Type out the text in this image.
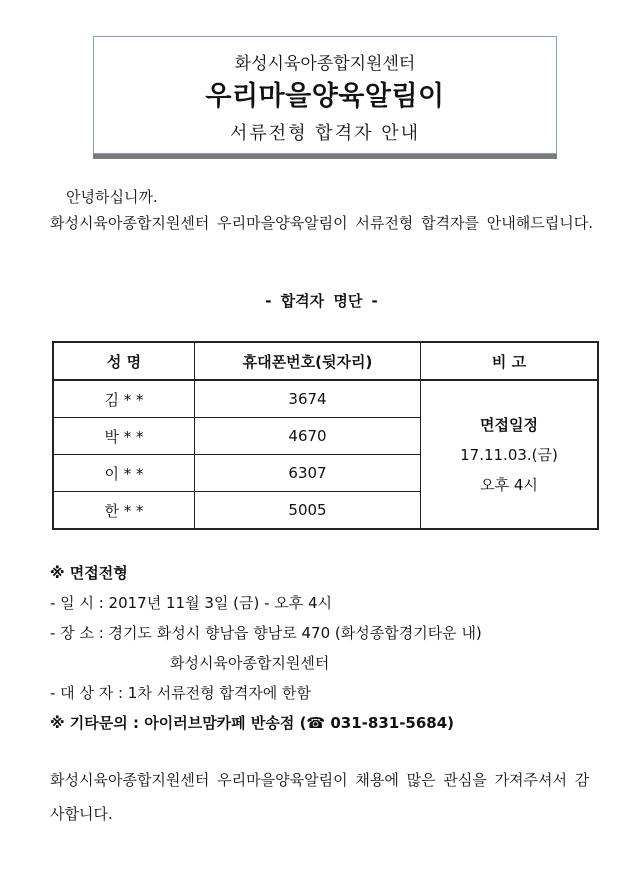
화성시육아종합지원센터
우리마을양육알림이
서류전형 합격자 안내

안녕하십니까.

화성시육아종합지원센터 우리마을양육알림이 서류전형 합격자를 안내해드립니다.

- 합격자 명단 -
성 명	휴대폰번호(뒷자리)	비 고
김 * *	3674	면접일정
17.11.03.(금)
오후 4시

박 * *	4670	
이 * *	6307	
한 * *	5005	
※ 면접전형
- 일 시 : 2017년 11월 3일 (금) - 오후 4시
- 장 소 : 경기도 화성시 향남읍 향남로 470 (화성종합경기타운 내)
화성시육아종합지원센터
- 대 상 자 : 1차 서류전형 합격자에 한함
※ 기타문의 : 아이러브맘카페 반송점 (☎ 031-831-5684)

화성시육아종합지원센터 우리마을양육알림이 채용에 많은 관심을 가져주셔서 감사합니다.
